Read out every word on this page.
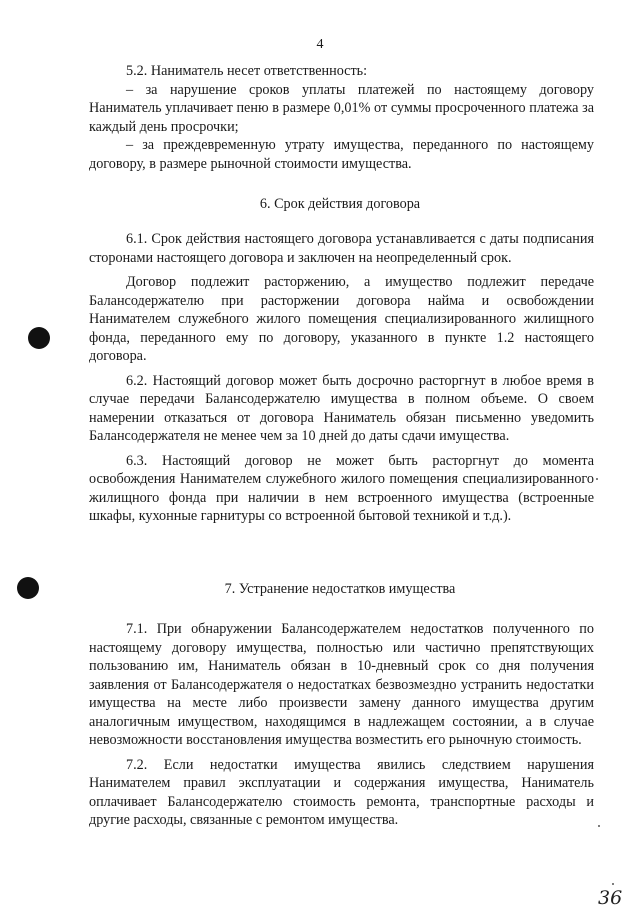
4

5.2. Наниматель несет ответственность:

– за нарушение сроков уплаты платежей по настоящему договору Наниматель уплачивает пеню в размере 0,01% от суммы просроченного платежа за каждый день просрочки;

– за преждевременную утрату имущества, переданного по настоящему договору, в размере рыночной стоимости имущества.

6. Срок действия договора

6.1. Срок действия настоящего договора устанавливается с даты подписания сторонами настоящего договора и заключен на неопределенный срок.

Договор подлежит расторжению, а имущество подлежит передаче Балансодержателю при расторжении договора найма и освобождении Нанимателем служебного жилого помещения специализированного жилищного фонда, переданного ему по договору, указанного в пункте 1.2 настоящего договора.

6.2. Настоящий договор может быть досрочно расторгнут в любое время в случае передачи Балансодержателю имущества в полном объеме. О своем намерении отказаться от договора Наниматель обязан письменно уведомить Балансодержателя не менее чем за 10 дней до даты сдачи имущества.

6.3. Настоящий договор не может быть расторгнут до момента освобождения Нанимателем служебного жилого помещения специализированного жилищного фонда при наличии в нем встроенного имущества (встроенные шкафы, кухонные гарнитуры со встроенной бытовой техникой и т.д.).

7. Устранение недостатков имущества

7.1. При обнаружении Балансодержателем недостатков полученного по настоящему договору имущества, полностью или частично препятствующих пользованию им, Наниматель обязан в 10-дневный срок со дня получения заявления от Балансодержателя о недостатках безвозмездно устранить недостатки имущества на месте либо произвести замену данного имущества другим аналогичным имуществом, находящимся в надлежащем состоянии, а в случае невозможности восстановления имущества возместить его рыночную стоимость.

7.2. Если недостатки имущества явились следствием нарушения Нанимателем правил эксплуатации и содержания имущества, Наниматель оплачивает Балансодержателю стоимость ремонта, транспортные расходы и другие расходы, связанные с ремонтом имущества.

36
